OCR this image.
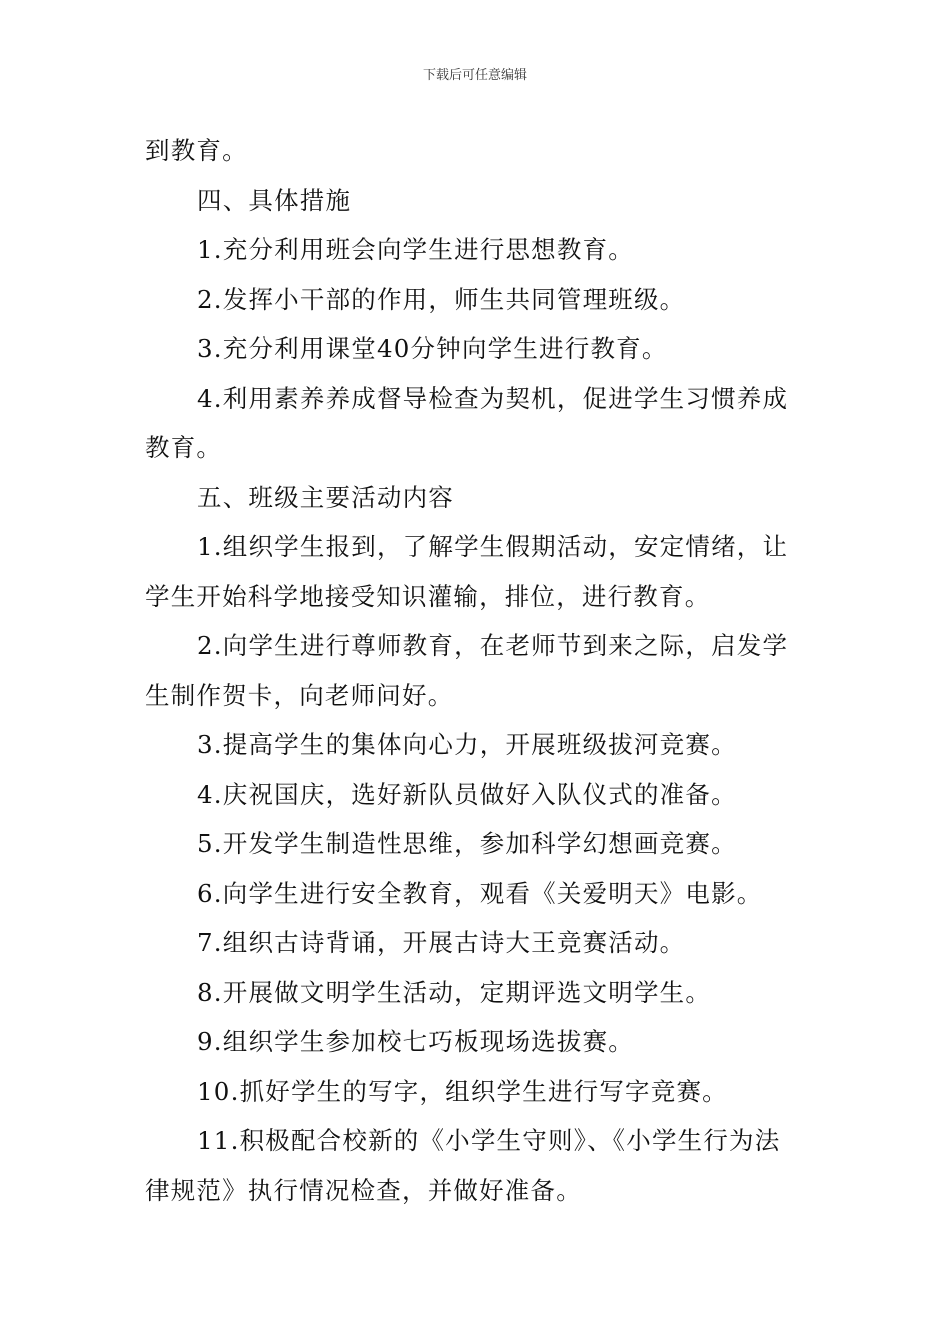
下载后可任意编辑
到教育。
四、具体措施
1.充分利用班会向学生进行思想教育。
2.发挥小干部的作用，师生共同管理班级。
3.充分利用课堂40分钟向学生进行教育。
4.利用素养养成督导检查为契机，促进学生习惯养成
教育。
五、班级主要活动内容
1.组织学生报到，了解学生假期活动，安定情绪，让
学生开始科学地接受知识灌输，排位，进行教育。
2.向学生进行尊师教育，在老师节到来之际，启发学
生制作贺卡，向老师问好。
3.提高学生的集体向心力，开展班级拔河竞赛。
4.庆祝国庆，选好新队员做好入队仪式的准备。
5.开发学生制造性思维，参加科学幻想画竞赛。
6.向学生进行安全教育，观看《关爱明天》电影。
7.组织古诗背诵，开展古诗大王竞赛活动。
8.开展做文明学生活动，定期评选文明学生。
9.组织学生参加校七巧板现场选拔赛。
10.抓好学生的写字，组织学生进行写字竞赛。
11.积极配合校新的《小学生守则》、《小学生行为法
律规范》执行情况检查，并做好准备。
